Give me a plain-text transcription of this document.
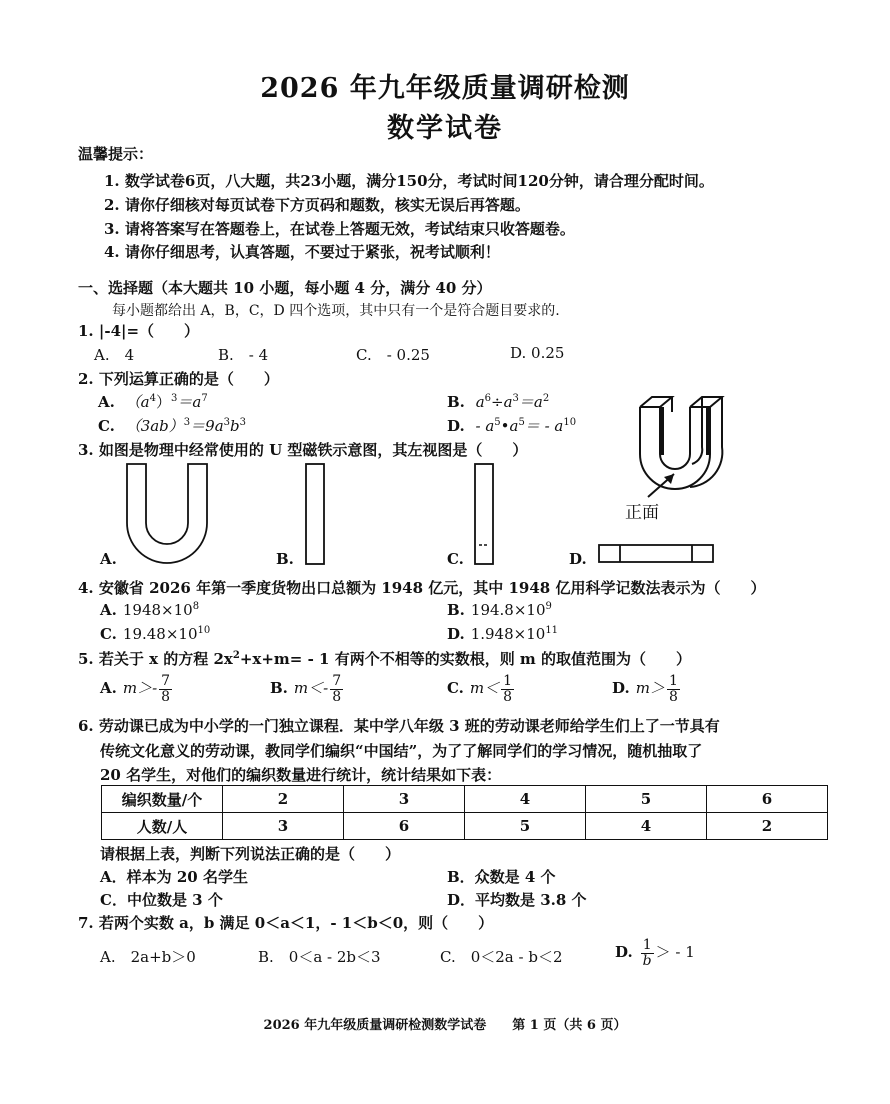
2026 年九年级质量调研检测
数学试卷
温馨提示：
1. 数学试卷6页，八大题，共23小题，满分150分，考试时间120分钟，请合理分配时间。
2. 请你仔细核对每页试卷下方页码和题数，核实无误后再答题。
3. 请将答案写在答题卷上，在试卷上答题无效，考试结束只收答题卷。
4. 请你仔细思考，认真答题，不要过于紧张，祝考试顺利！
一、选择题（本大题共 10 小题，每小题 4 分，满分 40 分）
每小题都给出 A，B，C，D 四个选项，其中只有一个是符合题目要求的.
1. |-4|=（　　）
A.　4	B.　- 4	C.　- 0.25	D. 0.25
2. 下列运算正确的是（　　）
A. $(a^4)^3=a^7$	B. $a^6\div a^3=a^2$
C. $(3ab)^3=9a^3b^3$	D. - $a^5•a^5= - a^{10}$
3. 如图是物理中经常使用的 U 型磁铁示意图，其左视图是（　　）
正面
A.	B.	C.	D.
4. 安徽省 2026 年第一季度货物出口总额为 1948 亿元，其中 1948 亿用科学记数法表示为（　　）
A. $1948\times 10^8$	B. $194.8\times 10^9$
C. $19.48\times 10^{10}$	D. $1.948\times 10^{11}$
5. 若关于 x 的方程 $2x^2+x+m= - 1$ 有两个不相等的实数根，则 m 的取值范围为（　　）
A. $m>- \frac{7}{8}$	B. $m<- \frac{7}{8}$	C. $m< \frac{1}{8}$	D. $m> \frac{1}{8}$
6. 劳动课已成为中小学的一门独立课程．某中学八年级 3 班的劳动课老师给学生们上了一节具有
传统文化意义的劳动课，教同学们编织“中国结”，为了了解同学们的学习情况，随机抽取了
20 名学生，对他们的编织数量进行统计，统计结果如下表：
编织数量/个	2	3	4	5	6
人数/人	3	6	5	4	2
请根据上表，判断下列说法正确的是（　　）
A．样本为 20 名学生	B．众数是 4 个
C．中位数是 3 个	D．平均数是 3.8 个
7. 若两个实数 a，b 满足 0＜a＜1，- 1＜b＜0，则（　　）
A.　2a+b＞0	B.　0＜a - 2b＜3	C.　0＜2a - b＜2	D. $\frac{1}{b}$ ＞ - 1
2026 年九年级质量调研检测数学试卷　　第 1 页（共 6 页）
